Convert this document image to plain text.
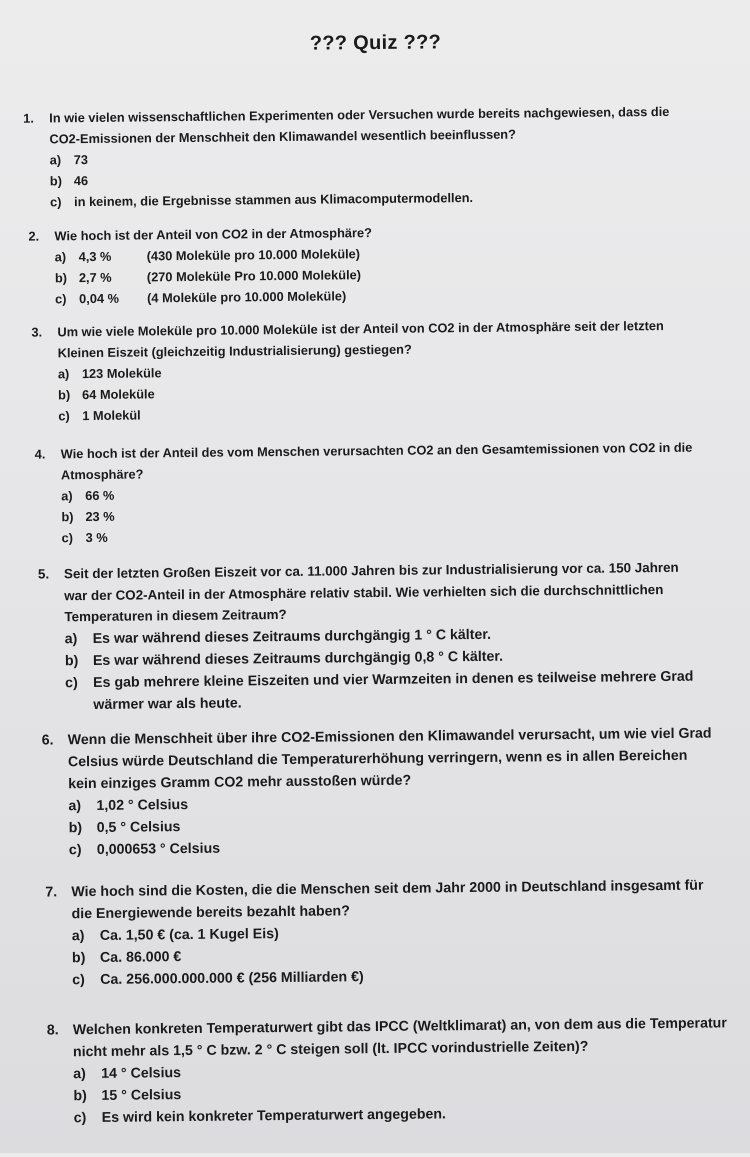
??? Quiz ???
1. In wie vielen wissenschaftlichen Experimenten oder Versuchen wurde bereits nachgewiesen, dass die CO2-Emissionen der Menschheit den Klimawandel wesentlich beeinflussen?
a) 73
b) 46
c) in keinem, die Ergebnisse stammen aus Klimacomputermodellen.
2. Wie hoch ist der Anteil von CO2 in der Atmosphäre?
a) 4,3 %	(430 Moleküle pro 10.000 Moleküle)
b) 2,7 %	(270 Moleküle Pro 10.000 Moleküle)
c) 0,04 %	(4 Moleküle pro 10.000 Moleküle)
3. Um wie viele Moleküle pro 10.000 Moleküle ist der Anteil von CO2 in der Atmosphäre seit der letzten Kleinen Eiszeit (gleichzeitig Industrialisierung) gestiegen?
a) 123 Moleküle
b) 64 Moleküle
c) 1 Molekül
4. Wie hoch ist der Anteil des vom Menschen verursachten CO2 an den Gesamtemissionen von CO2 in die Atmosphäre?
a) 66 %
b) 23 %
c) 3 %
5. Seit der letzten Großen Eiszeit vor ca. 11.000 Jahren bis zur Industrialisierung vor ca. 150 Jahren war der CO2-Anteil in der Atmosphäre relativ stabil. Wie verhielten sich die durchschnittlichen Temperaturen in diesem Zeitraum?
a)	Es war während dieses Zeitraums durchgängig 1 ° C kälter.
b)	Es war während dieses Zeitraums durchgängig 0,8 ° C kälter.
c)	Es gab mehrere kleine Eiszeiten und vier Warmzeiten in denen es teilweise mehrere Grad wärmer war als heute.
6. Wenn die Menschheit über ihre CO2-Emissionen den Klimawandel verursacht, um wie viel Grad Celsius würde Deutschland die Temperaturerhöhung verringern, wenn es in allen Bereichen kein einziges Gramm CO2 mehr ausstoßen würde?
a)	1,02 ° Celsius
b)	0,5 ° Celsius
c)	0,000653 ° Celsius
7. Wie hoch sind die Kosten, die die Menschen seit dem Jahr 2000 in Deutschland insgesamt für die Energiewende bereits bezahlt haben?
a)	Ca. 1,50 € (ca. 1 Kugel Eis)
b)	Ca. 86.000 €
c)	Ca. 256.000.000.000 € (256 Milliarden €)
8. Welchen konkreten Temperaturwert gibt das IPCC (Weltklimarat) an, von dem aus die Temperatur nicht mehr als 1,5 ° C bzw. 2 ° C steigen soll (lt. IPCC vorindustrielle Zeiten)?
a)	14 ° Celsius
b)	15 ° Celsius
c)	Es wird kein konkreter Temperaturwert angegeben.
